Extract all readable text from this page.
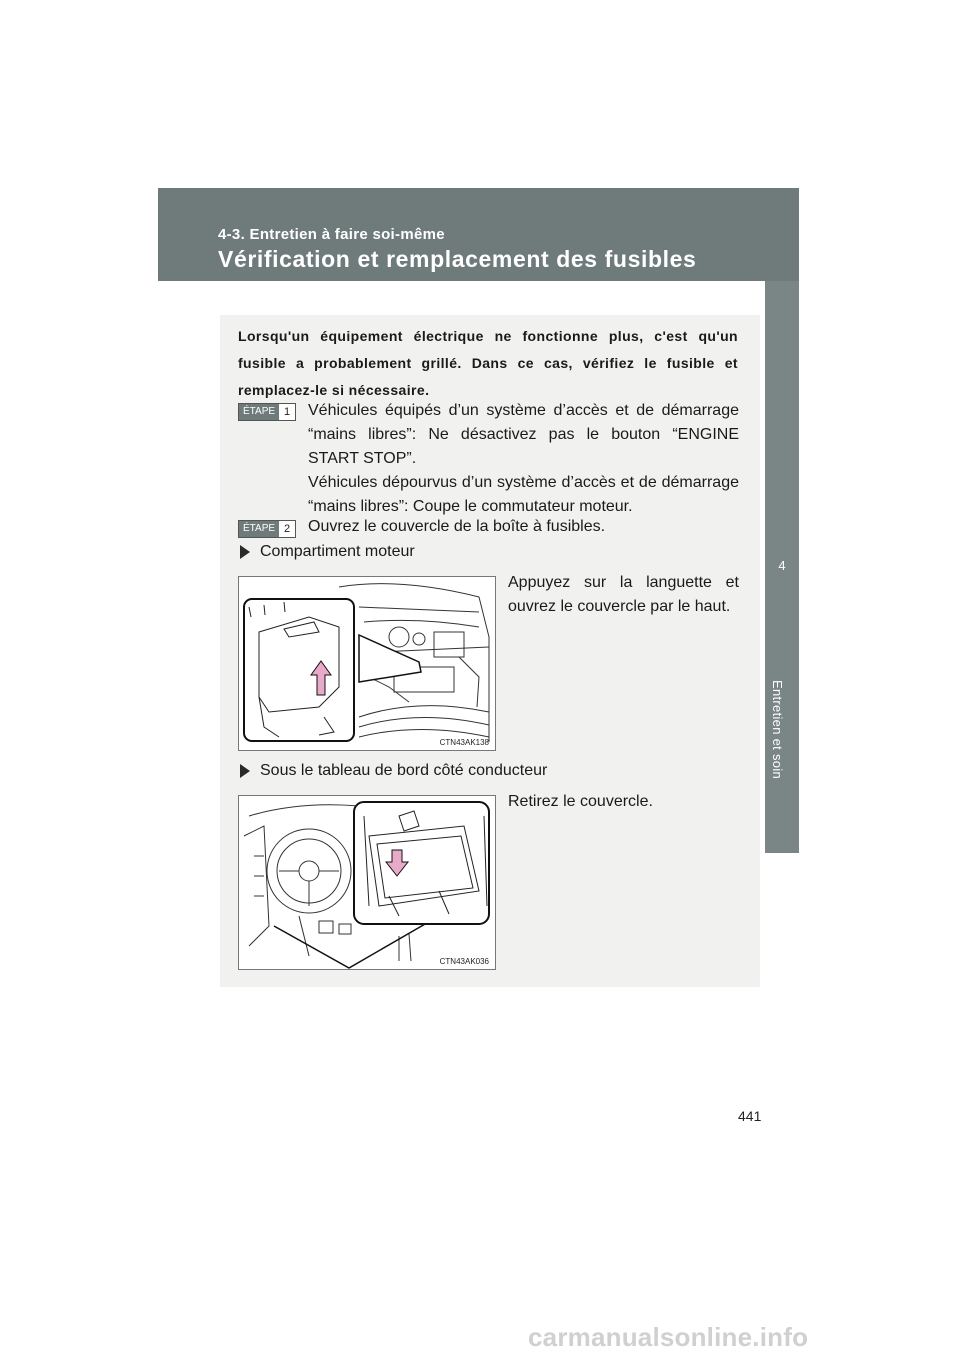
4-3. Entretien à faire soi-même
Vérification et remplacement des fusibles
4
Entretien et soin
Lorsqu'un équipement électrique ne fonctionne plus, c'est qu'un fusible a probablement grillé. Dans ce cas, vérifiez le fusible et remplacez-le si nécessaire.
ÉTAPE 1	Véhicules équipés d’un système d’accès et de démarrage “mains libres”: Ne désactivez pas le bouton “ENGINE START STOP”.
Véhicules dépourvus d’un système d’accès et de démarrage “mains libres”: Coupe le commutateur moteur.
ÉTAPE 2	Ouvrez le couvercle de la boîte à fusibles.
Compartiment moteur
CTN43AK138
Appuyez sur la languette et ouvrez le couvercle par le haut.
Sous le tableau de bord côté conducteur
CTN43AK036
Retirez le couvercle.
441
carmanualsonline.info
